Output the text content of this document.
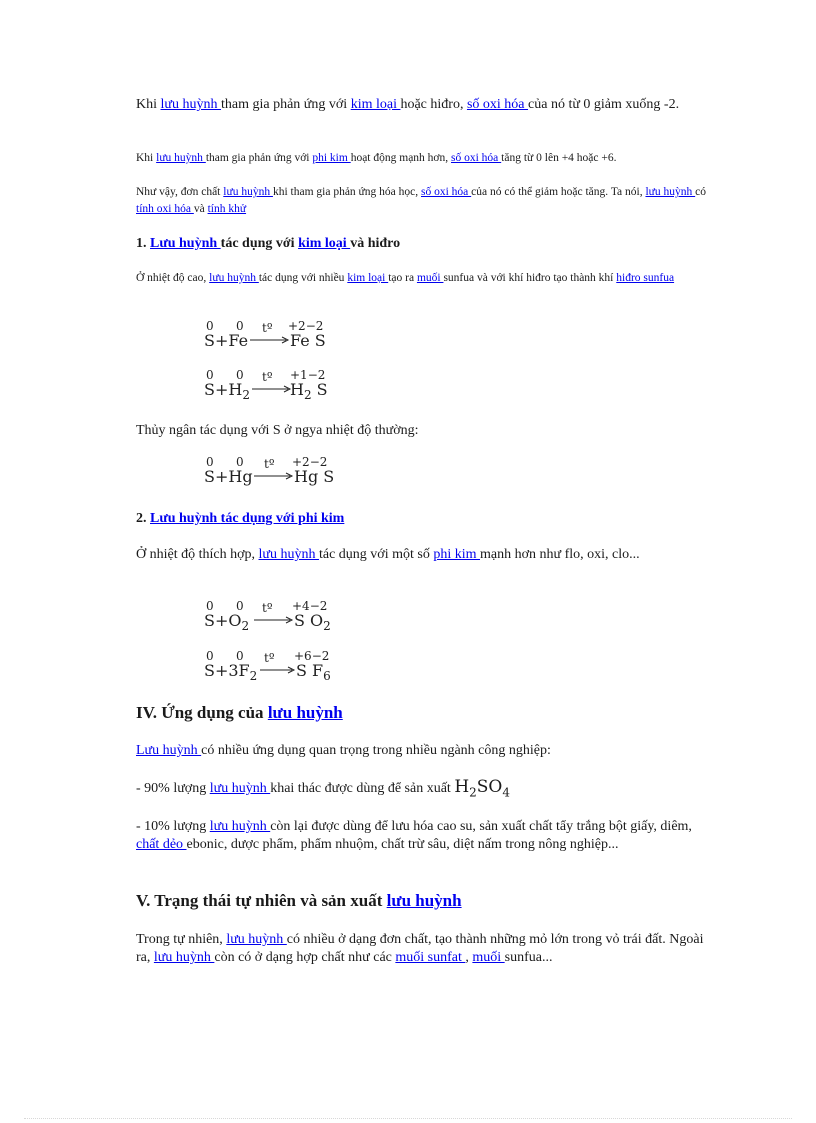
Khi lưu huỳnh tham gia phản ứng với kim loại hoặc hiđro, số oxi hóa của nó từ 0 giảm xuống -2.

Khi lưu huỳnh tham gia phản ứng với phi kim hoạt động mạnh hơn, số oxi hóa tăng từ 0 lên +4 hoặc +6.

Như vậy, đơn chất lưu huỳnh khi tham gia phản ứng hóa học, số oxi hóa của nó có thể giảm hoặc tăng. Ta nói, lưu huỳnh có tính oxi hóa và tính khử

1. Lưu huỳnh tác dụng với kim loại và hiđro

Ở nhiệt độ cao, lưu huỳnh tác dụng với nhiều kim loại tạo ra muối sunfua và với khí hiđro tạo thành khí hiđro sunfua

0 0
S+Fe
tº
Fe S
+2−2
0 0
$S+H_2$
tº
$H_2$ S
+1−2

Thủy ngân tác dụng với S ở ngya nhiệt độ thường:

0 0
S+Hg
tº
Hg S
+2−2
2. Lưu huỳnh tác dụng với phi kim

Ở nhiệt độ thích hợp, lưu huỳnh tác dụng với một số phi kim mạnh hơn như flo, oxi, clo...

0 0
$S+O_2$
tº
S $O_2$
+4−2
0 0
$S+3F_2$
tº
S $F_6$
+6−2
IV. Ứng dụng của lưu huỳnh

Lưu huỳnh có nhiều ứng dụng quan trọng trong nhiều ngành công nghiệp:

- 90% lượng lưu huỳnh khai thác được dùng để sản xuất $H_2SO_4$

- 10% lượng lưu huỳnh còn lại được dùng để lưu hóa cao su, sản xuất chất tẩy trắng bột giấy, diêm, chất dẻo ebonic, dược phẩm, phẩm nhuộm, chất trừ sâu, diệt nấm trong nông nghiệp...

V. Trạng thái tự nhiên và sản xuất lưu huỳnh

Trong tự nhiên, lưu huỳnh có nhiều ở dạng đơn chất, tạo thành những mỏ lớn trong vỏ trái đất. Ngoài ra, lưu huỳnh còn có ở dạng hợp chất như các muối sunfat , muối sunfua...
